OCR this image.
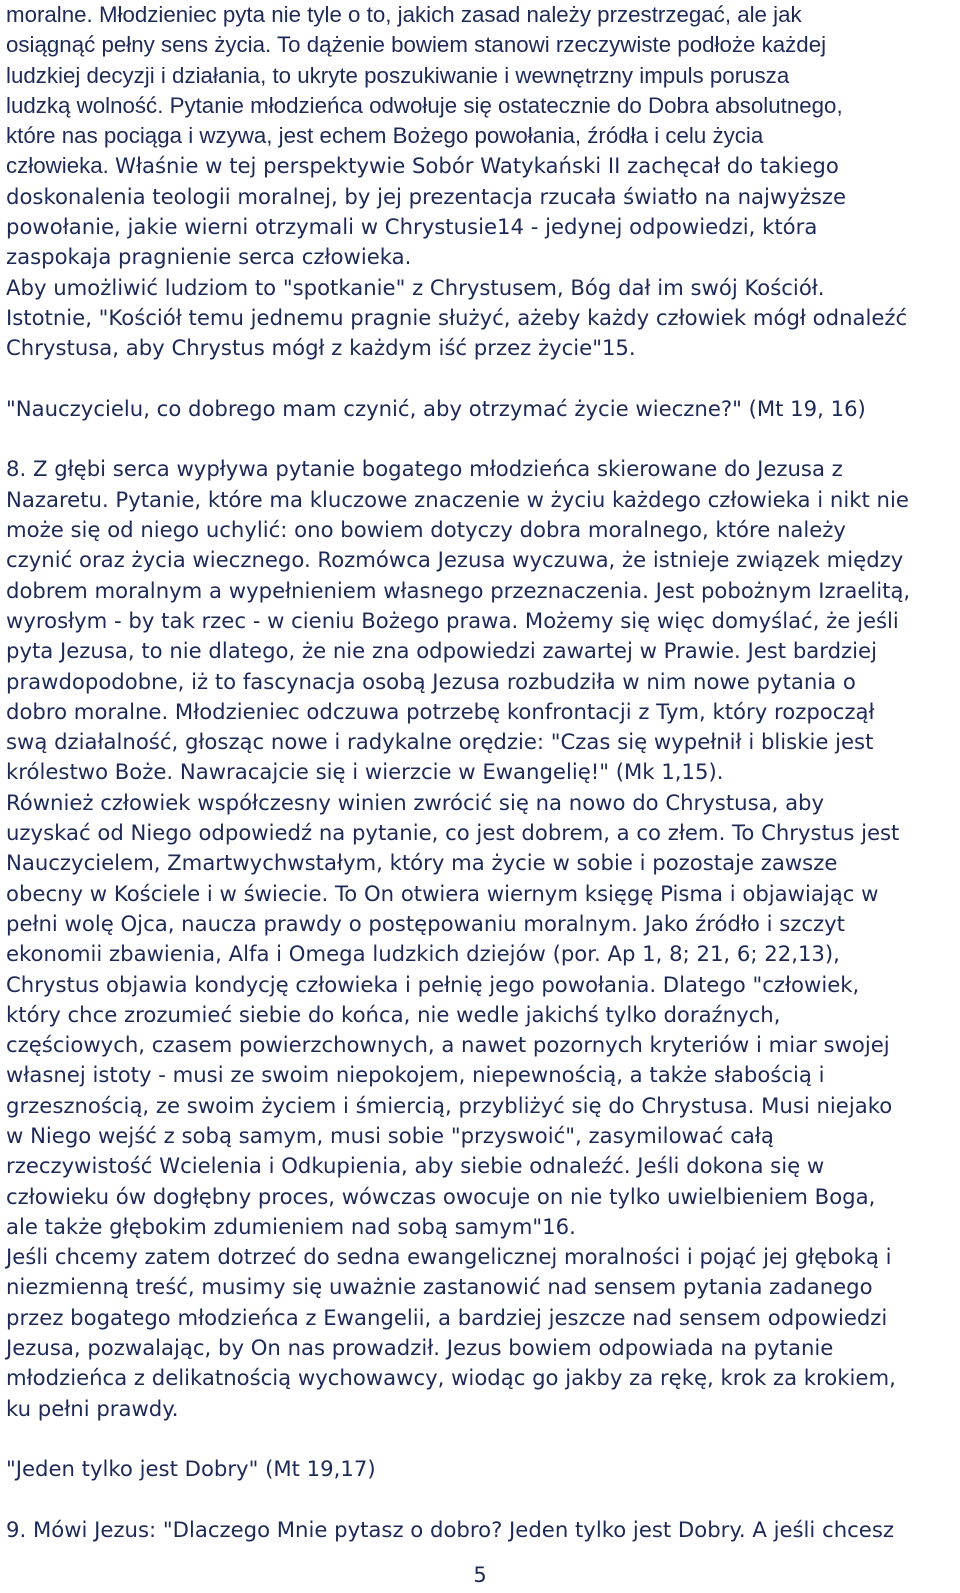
moralne. Młodzieniec pyta nie tyle o to, jakich zasad należy przestrzegać, ale jak
osiągnąć pełny sens życia. To dążenie bowiem stanowi rzeczywiste podłoże każdej
ludzkiej decyzji i działania, to ukryte poszukiwanie i wewnętrzny impuls porusza
ludzką wolność. Pytanie młodzieńca odwołuje się ostatecznie do Dobra absolutnego,
które nas pociąga i wzywa, jest echem Bożego powołania, źródła i celu życia
człowieka. Właśnie w tej perspektywie Sobór Watykański II zachęcał do takiego
doskonalenia teologii moralnej, by jej prezentacja rzucała światło na najwyższe
powołanie, jakie wierni otrzymali w Chrystusie14 - jedynej odpowiedzi, która
zaspokaja pragnienie serca człowieka.
Aby umożliwić ludziom to "spotkanie" z Chrystusem, Bóg dał im swój Kościół.
Istotnie, "Kościół temu jednemu pragnie służyć, ażeby każdy człowiek mógł odnaleźć
Chrystusa, aby Chrystus mógł z każdym iść przez życie"15.
"Nauczycielu, co dobrego mam czynić, aby otrzymać życie wieczne?" (Mt 19, 16)
8. Z głębi serca wypływa pytanie bogatego młodzieńca skierowane do Jezusa z
Nazaretu. Pytanie, które ma kluczowe znaczenie w życiu każdego człowieka i nikt nie
może się od niego uchylić: ono bowiem dotyczy dobra moralnego, które należy
czynić oraz życia wiecznego. Rozmówca Jezusa wyczuwa, że istnieje związek między
dobrem moralnym a wypełnieniem własnego przeznaczenia. Jest pobożnym Izraelitą,
wyrosłym - by tak rzec - w cieniu Bożego prawa. Możemy się więc domyślać, że jeśli
pyta Jezusa, to nie dlatego, że nie zna odpowiedzi zawartej w Prawie. Jest bardziej
prawdopodobne, iż to fascynacja osobą Jezusa rozbudziła w nim nowe pytania o
dobro moralne. Młodzieniec odczuwa potrzebę konfrontacji z Tym, który rozpoczął
swą działalność, głosząc nowe i radykalne orędzie: "Czas się wypełnił i bliskie jest
królestwo Boże. Nawracajcie się i wierzcie w Ewangelię!" (Mk 1,15).
Również człowiek współczesny winien zwrócić się na nowo do Chrystusa, aby
uzyskać od Niego odpowiedź na pytanie, co jest dobrem, a co złem. To Chrystus jest
Nauczycielem, Zmartwychwstałym, który ma życie w sobie i pozostaje zawsze
obecny w Kościele i w świecie. To On otwiera wiernym księgę Pisma i objawiając w
pełni wolę Ojca, naucza prawdy o postępowaniu moralnym. Jako źródło i szczyt
ekonomii zbawienia, Alfa i Omega ludzkich dziejów (por. Ap 1, 8; 21, 6; 22,13),
Chrystus objawia kondycję człowieka i pełnię jego powołania. Dlatego "człowiek,
który chce zrozumieć siebie do końca, nie wedle jakichś tylko doraźnych,
częściowych, czasem powierzchownych, a nawet pozornych kryteriów i miar swojej
własnej istoty - musi ze swoim niepokojem, niepewnością, a także słabością i
grzesznością, ze swoim życiem i śmiercią, przybliżyć się do Chrystusa. Musi niejako
w Niego wejść z sobą samym, musi sobie "przyswoić", zasymilować całą
rzeczywistość Wcielenia i Odkupienia, aby siebie odnaleźć. Jeśli dokona się w
człowieku ów dogłębny proces, wówczas owocuje on nie tylko uwielbieniem Boga,
ale także głębokim zdumieniem nad sobą samym"16.
Jeśli chcemy zatem dotrzeć do sedna ewangelicznej moralności i pojąć jej głęboką i
niezmienną treść, musimy się uważnie zastanowić nad sensem pytania zadanego
przez bogatego młodzieńca z Ewangelii, a bardziej jeszcze nad sensem odpowiedzi
Jezusa, pozwalając, by On nas prowadził. Jezus bowiem odpowiada na pytanie
młodzieńca z delikatnością wychowawcy, wiodąc go jakby za rękę, krok za krokiem,
ku pełni prawdy.
"Jeden tylko jest Dobry" (Mt 19,17)
9. Mówi Jezus: "Dlaczego Mnie pytasz o dobro? Jeden tylko jest Dobry. A jeśli chcesz
5
